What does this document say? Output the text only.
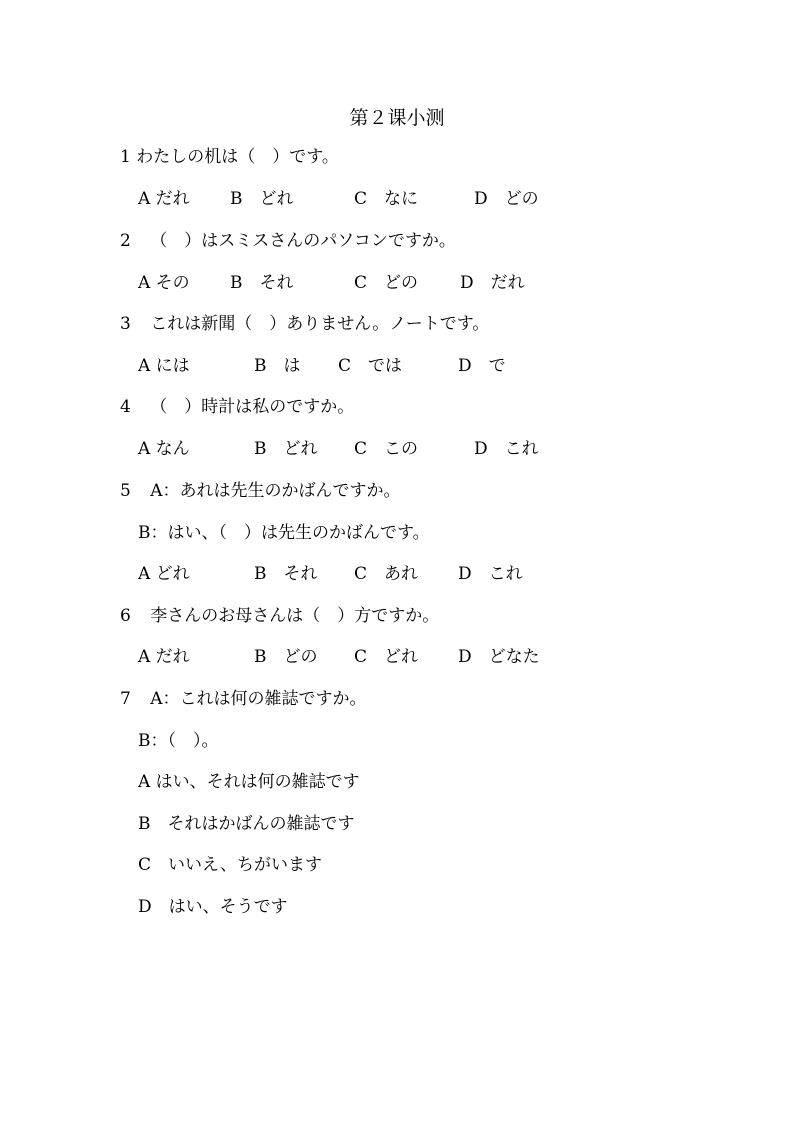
第２课小测
1 わたしの机は（　）です。
A だれ B　どれ	C　なに	D　どの
2 （　）はスミスさんのパソコンですか。
A その B　それ	C　どの D　だれ
3 これは新聞（　）ありません。ノートです。
A には	B　は C　では	D　で
4 （　）時計は私のですか。
A なん	B　どれ C　この	D　これ
5 A：あれは先生のかばんですか。
B：はい、（　）は先生のかばんです。
A どれ	B　それ C　あれ D　これ
6 李さんのお母さんは（　）方ですか。
A だれ	B　どの C　どれ D　どなた
7 A：これは何の雑誌ですか。
B：（　）。
A はい、それは何の雑誌です
B　それはかばんの雑誌です
C　いいえ、ちがいます
D　はい、そうです
